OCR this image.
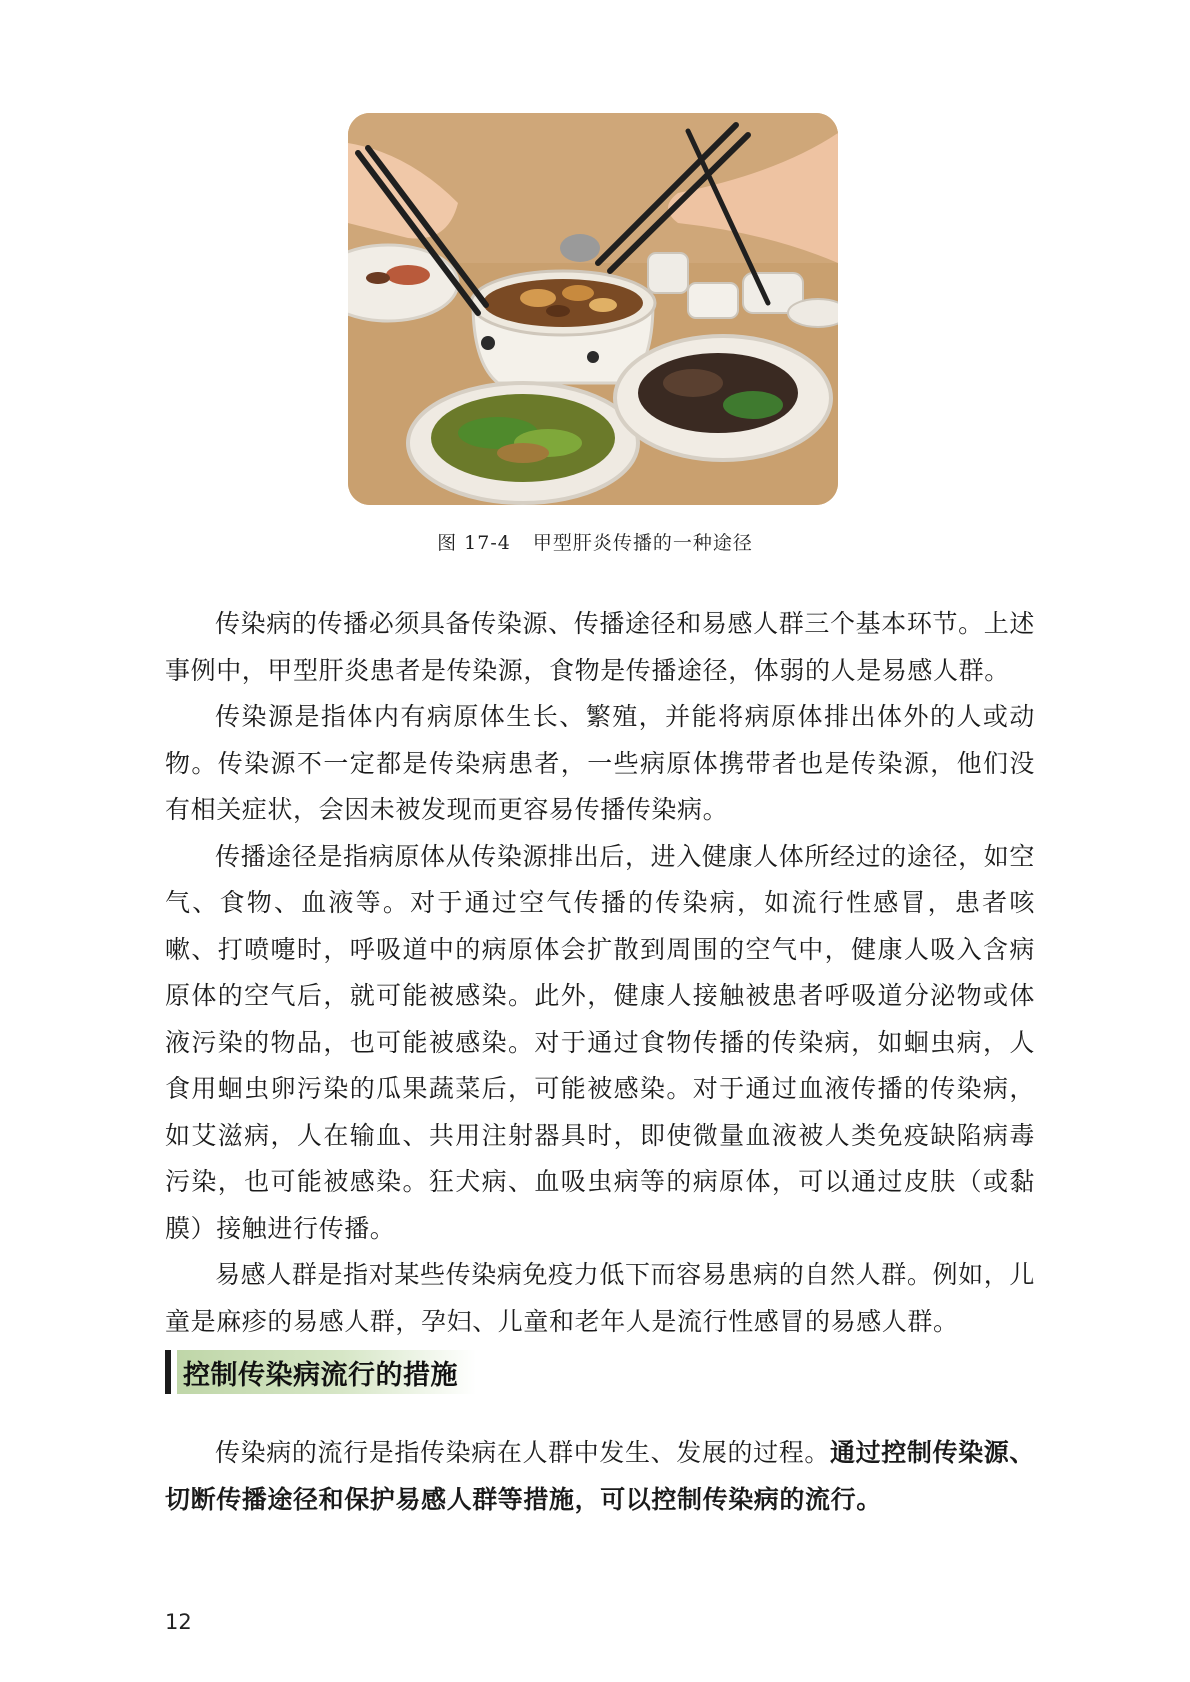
图 17-4 甲型肝炎传播的一种途径

传染病的传播必须具备传染源、传播途径和易感人群三个基本环节。上述事例中，甲型肝炎患者是传染源，食物是传播途径，体弱的人是易感人群。

传染源是指体内有病原体生长、繁殖，并能将病原体排出体外的人或动物。传染源不一定都是传染病患者，一些病原体携带者也是传染源，他们没有相关症状，会因未被发现而更容易传播传染病。

传播途径是指病原体从传染源排出后，进入健康人体所经过的途径，如空气、食物、血液等。对于通过空气传播的传染病，如流行性感冒，患者咳嗽、打喷嚏时，呼吸道中的病原体会扩散到周围的空气中，健康人吸入含病原体的空气后，就可能被感染。此外，健康人接触被患者呼吸道分泌物或体液污染的物品，也可能被感染。对于通过食物传播的传染病，如蛔虫病，人食用蛔虫卵污染的瓜果蔬菜后，可能被感染。对于通过血液传播的传染病，如艾滋病，人在输血、共用注射器具时，即使微量血液被人类免疫缺陷病毒污染，也可能被感染。狂犬病、血吸虫病等的病原体，可以通过皮肤（或黏膜）接触进行传播。

易感人群是指对某些传染病免疫力低下而容易患病的自然人群。例如，儿童是麻疹的易感人群，孕妇、儿童和老年人是流行性感冒的易感人群。

控制传染病流行的措施

传染病的流行是指传染病在人群中发生、发展的过程。通过控制传染源、切断传播途径和保护易感人群等措施，可以控制传染病的流行。

12
